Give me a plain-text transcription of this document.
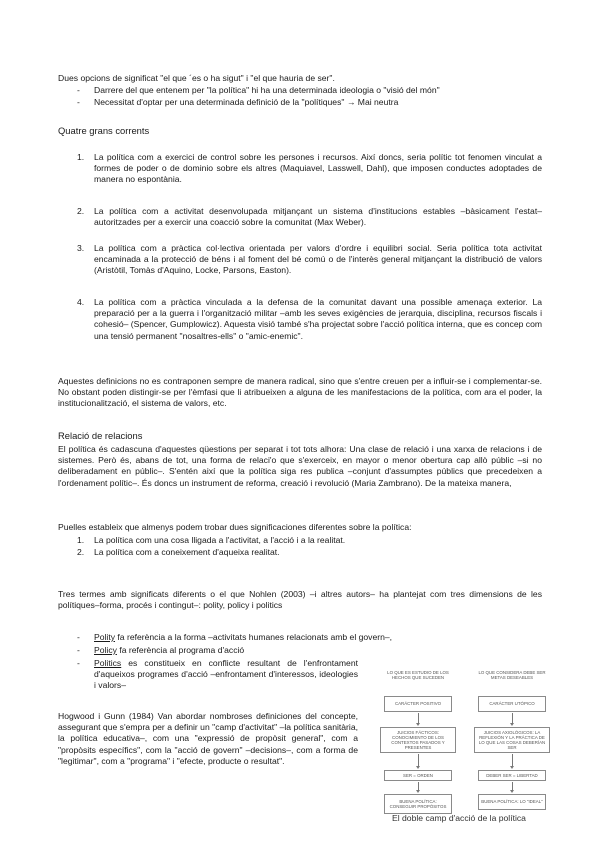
Dues opcions de significat "el que ´es o ha sigut" i "el que hauria de ser".

-	Darrere del que entenem per "la política" hi ha una determinada ideologia o "visió del món"

-	Necessitat d'optar per una determinada definició de la "polítiques" → Mai neutra

Quatre grans corrents

1.	La política com a exercici de control sobre les persones i recursos. Així doncs, seria polític tot fenomen vinculat a formes de poder o de dominio sobre els altres (Maquiavel, Lasswell, Dahl), que imposen conductes adoptades de manera no espontània.

2.	La política com a activitat desenvolupada mitjançant un sistema d'institucions estables –bàsicament l'estat– autoritzades per a exercir una coacció sobre la comunitat (Max Weber).

3.	La política com a pràctica col·lectiva orientada per valors d'ordre i equilibri social. Seria política tota activitat encaminada a la protecció de béns i al foment del bé comú o de l'interès general mitjançant la distribució de valors (Aristòtil, Tomàs d'Aquino, Locke, Parsons, Easton).

4.	La política com a pràctica vinculada a la defensa de la comunitat davant una possible amenaça exterior. La preparació per a la guerra i l'organització militar –amb les seves exigències de jerarquia, disciplina, recursos fiscals i cohesió– (Spencer, Gumplowicz). Aquesta visió també s'ha projectat sobre l'acció política interna, que es concep com una tensió permanent "nosaltres-ells" o "amic-enemic".

Aquestes definicions no es contraponen sempre de manera radical, sino que s'entre creuen per a influir-se i complementar-se. No obstant poden distingir-se per l'èmfasi que li atribueixen a alguna de les manifestacions de la política, com ara el poder, la institucionalització, el sistema de valors, etc.

Relació de relacions

El política és cadascuna d'aquestes qüestions per separat i tot tots alhora: Una clase de relació i una xarxa de relacions i de sistemes. Però és, abans de tot, una forma de relaci'o que s'exerceix, en mayor o menor obertura cap allò públic –si no deliberadament en públic–. S'entén així que la política siga res publica –conjunt d'assumptes públics que precedeixen a l'ordenament polític–. És doncs un instrument de reforma, creació i revolució (Maria Zambrano). De la mateixa manera,

Puelles estableix que almenys podem trobar dues significaciones diferentes sobre la política:

1.	La política com una cosa lligada a l'activitat, a l'acció i a la realitat.

2.	La política com a coneixement d'aqueixa realitat.

Tres termes amb significats diferents o el que Nohlen (2003) –i altres autors– ha plantejat com tres dimensions de les polítiques–forma, procés i contingut–: polity, policy i politics

-	Polity fa referència a la forma –activitats humanes relacionats amb el govern–,

-	Policy fa referència al programa d'acció

-	Politics es constitueix en conflicte resultant de l'enfrontament d'aqueixos programes d'acció –enfrontament d'interessos, ideologies i valors–

Hogwood i Gunn (1984) Van abordar nombroses definiciones del concepte, assegurant que s'empra per a definir un "camp d'activitat" –la política sanitària, la política educativa–, com una "expressió de propòsit general", com a "propòsits específics", com la "acció de govern" –decisions–, com a forma de "legitimar", com a "programa" i "efecte, producte o resultat".

LO QUE ES ESTUDIO DE LOS HECHOS QUE SUCEDEN
LO QUE CONSIDERA DEBE SER METAS DESEABLES
CARÁCTER POSITIVO	CARÁCTER UTÓPICO
JUICIOS FÁCTICOS: CONOCIMIENTO DE LOS CONTEXTOS PASADOS Y PRESENTES
JUICIOS AXIOLÓGICOS: LA REFLEXIÓN Y LA PRÁCTICA DE LO QUE LAS COSAS DEBERÍAN SER
SER = ORDEN	DEBER SER = LIBERTAD
BUENA POLÍTICA: CONSEGUIR PROPÓSITOS
BUENA POLÍTICA: LO "IDEAL"

El doble camp d'acció de la política
